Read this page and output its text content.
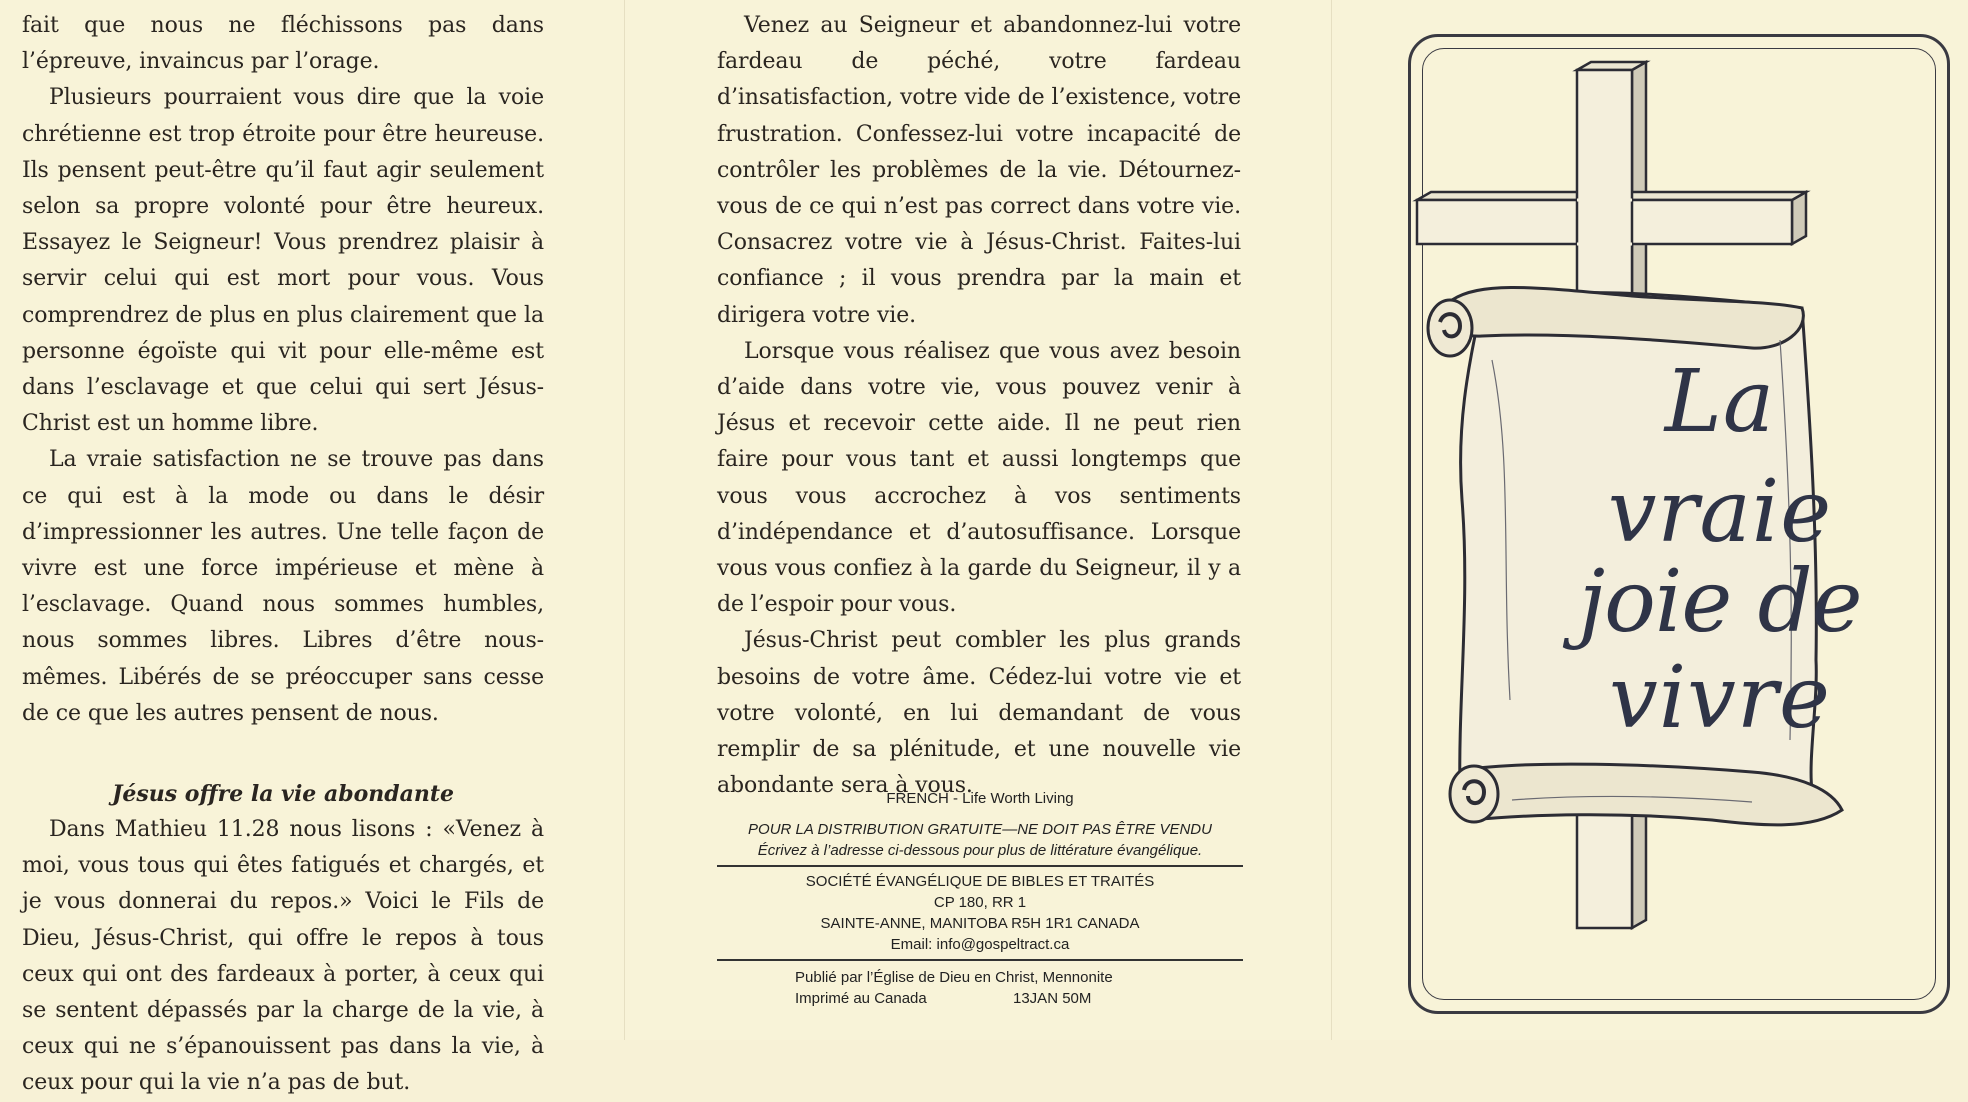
fait que nous ne fléchissons pas dans l’épreuve, invaincus par l’orage.

Plusieurs pourraient vous dire que la voie chrétienne est trop étroite pour être heureuse. Ils pensent peut-être qu’il faut agir seulement selon sa propre volonté pour être heureux. Essayez le Seigneur! Vous prendrez plaisir à servir celui qui est mort pour vous. Vous comprendrez de plus en plus clairement que la personne égoïste qui vit pour elle-même est dans l’esclavage et que celui qui sert Jésus-Christ est un homme libre.

La vraie satisfaction ne se trouve pas dans ce qui est à la mode ou dans le désir d’impressionner les autres. Une telle façon de vivre est une force impérieuse et mène à l’esclavage. Quand nous sommes humbles, nous sommes libres. Libres d’être nous-mêmes. Libérés de se préoccuper sans cesse de ce que les autres pensent de nous.

Jésus offre la vie abondante

Dans Mathieu 11.28 nous lisons : «Venez à moi, vous tous qui êtes fatigués et chargés, et je vous donnerai du repos.» Voici le Fils de Dieu, Jésus-Christ, qui offre le repos à tous ceux qui ont des fardeaux à porter, à ceux qui se sentent dépassés par la charge de la vie, à ceux qui ne s’épanouissent pas dans la vie, à ceux pour qui la vie n’a pas de but.

Venez au Seigneur et abandonnez-lui votre fardeau de péché, votre fardeau d’insatisfaction, votre vide de l’existence, votre frustration. Confessez-lui votre incapacité de contrôler les problèmes de la vie. Détournez-vous de ce qui n’est pas correct dans votre vie. Consacrez votre vie à Jésus-Christ. Faites-lui confiance ; il vous prendra par la main et dirigera votre vie.

Lorsque vous réalisez que vous avez besoin d’aide dans votre vie, vous pouvez venir à Jésus et recevoir cette aide. Il ne peut rien faire pour vous tant et aussi longtemps que vous vous accrochez à vos sentiments d’indépendance et d’autosuffisance. Lorsque vous vous confiez à la garde du Seigneur, il y a de l’espoir pour vous.

Jésus-Christ peut combler les plus grands besoins de votre âme. Cédez-lui votre vie et votre volonté, en lui demandant de vous remplir de sa plénitude, et une nouvelle vie abondante sera à vous.

FRENCH - Life Worth Living
POUR LA DISTRIBUTION GRATUITE—NE DOIT PAS ÊTRE VENDU
Écrivez à l’adresse ci-dessous pour plus de littérature évangélique.
SOCIÉTÉ ÉVANGÉLIQUE DE BIBLES ET TRAITÉS
CP 180, RR 1
SAINTE-ANNE, MANITOBA R5H 1R1 CANADA
Email: info@gospeltract.ca
Publié par l’Église de Dieu en Christ, Mennonite
Imprimé au Canada	13JAN 50M
La
vraie
joie de
vivre
